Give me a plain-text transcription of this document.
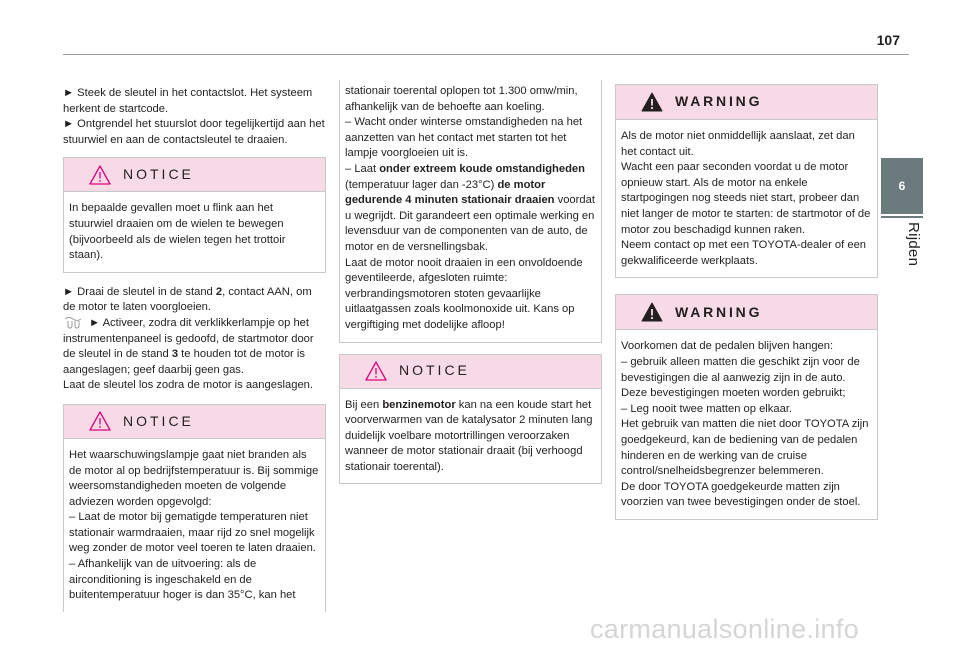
107
6
Rijden

► Steek de sleutel in het contactslot. Het systeem herkent de startcode.

► Ontgrendel het stuurslot door tegelijkertijd aan het stuurwiel en aan de contactsleutel te draaien.

NOTICE

In bepaalde gevallen moet u flink aan het stuurwiel draaien om de wielen te bewegen (bijvoorbeeld als de wielen tegen het trottoir staan).

► Draai de sleutel in de stand 2, contact AAN, om de motor te laten voorgloeien.

► Activeer, zodra dit verklikkerlampje op het instrumentenpaneel is gedoofd, de startmotor door de sleutel in de stand 3 te houden tot de motor is aangeslagen; geef daarbij geen gas.

Laat de sleutel los zodra de motor is aangeslagen.

NOTICE

Het waarschuwingslampje gaat niet branden als de motor al op bedrijfstemperatuur is. Bij sommige weersomstandigheden moeten de volgende adviezen worden opgevolgd:

– Laat de motor bij gematigde temperaturen niet stationair warmdraaien, maar rijd zo snel mogelijk weg zonder de motor veel toeren te laten draaien.

– Afhankelijk van de uitvoering: als de airconditioning is ingeschakeld en de buitentemperatuur hoger is dan 35°C, kan het

stationair toerental oplopen tot 1.300 omw/min, afhankelijk van de behoefte aan koeling.

– Wacht onder winterse omstandigheden na het aanzetten van het contact met starten tot het lampje voorgloeien uit is.

– Laat onder extreem koude omstandigheden (temperatuur lager dan -23°C) de motor gedurende 4 minuten stationair draaien voordat u wegrijdt. Dit garandeert een optimale werking en levensduur van de componenten van de auto, de motor en de versnellingsbak.

Laat de motor nooit draaien in een onvoldoende geventileerde, afgesloten ruimte: verbrandingsmotoren stoten gevaarlijke uitlaatgassen zoals koolmonoxide uit. Kans op vergiftiging met dodelijke afloop!

NOTICE

Bij een benzinemotor kan na een koude start het voorverwarmen van de katalysator 2 minuten lang duidelijk voelbare motortrillingen veroorzaken wanneer de motor stationair draait (bij verhoogd stationair toerental).

WARNING
Als de motor niet onmiddellijk aanslaat, zet dan het contact uit.
Wacht een paar seconden voordat u de motor opnieuw start. Als de motor na enkele startpogingen nog steeds niet start, probeer dan niet langer de motor te starten: de startmotor of de motor zou beschadigd kunnen raken.
Neem contact op met een TOYOTA-dealer of een gekwalificeerde werkplaats.
WARNING
Voorkomen dat de pedalen blijven hangen:
– gebruik alleen matten die geschikt zijn voor de bevestigingen die al aanwezig zijn in de auto. Deze bevestigingen moeten worden gebruikt;
– Leg nooit twee matten op elkaar.
Het gebruik van matten die niet door TOYOTA zijn goedgekeurd, kan de bediening van de pedalen hinderen en de werking van de cruise control/snelheidsbegrenzer belemmeren.
De door TOYOTA goedgekeurde matten zijn voorzien van twee bevestigingen onder de stoel.
carmanualsonline.info
